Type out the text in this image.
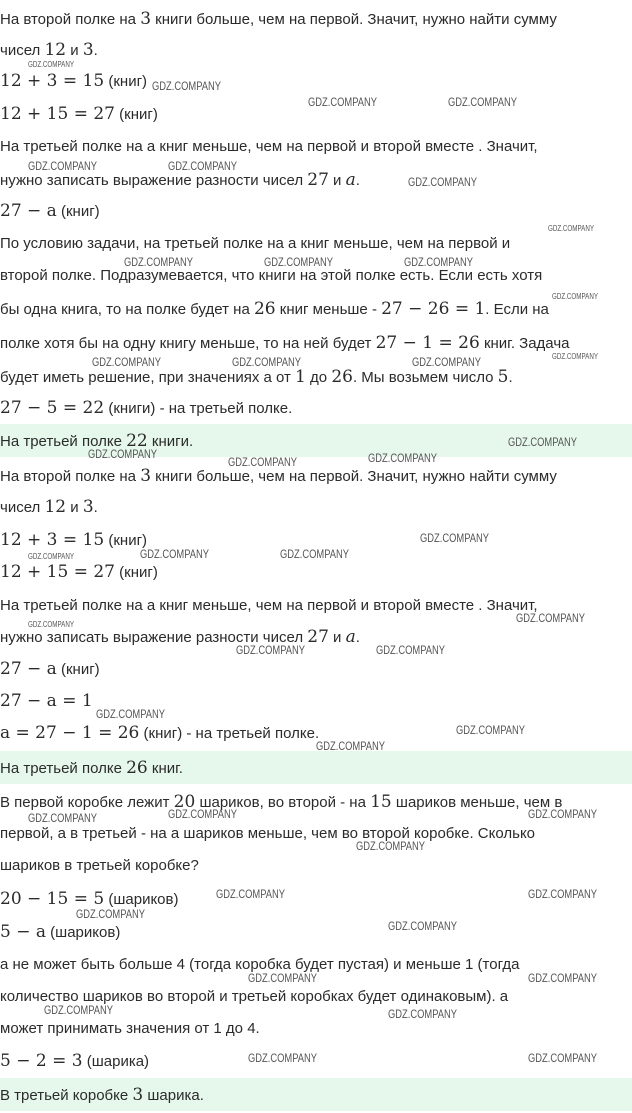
На второй полке на 3 книги больше, чем на первой. Значит, нужно найти сумму
чисел 12 и 3.
12 + 3 = 15 (книг)
12 + 15 = 27 (книг)
На третьей полке на а книг меньше, чем на первой и второй вместе . Значит,
нужно записать выражение разности чисел 27 и a.
27 − a (книг)
По условию задачи, на третьей полке на а книг меньше, чем на первой и
второй полке. Подразумевается, что книги на этой полке есть. Если есть хотя
бы одна книга, то на полке будет на 26 книг меньше - 27 − 26 = 1. Если на
полке хотя бы на одну книгу меньше, то на ней будет 27 − 1 = 26 книг. Задача
будет иметь решение, при значениях а от 1 до 26. Мы возьмем число 5.
27 − 5 = 22 (книги) - на третьей полке.
На третьей полке 22 книги.
На второй полке на 3 книги больше, чем на первой. Значит, нужно найти сумму
чисел 12 и 3.
12 + 3 = 15 (книг)
12 + 15 = 27 (книг)
На третьей полке на а книг меньше, чем на первой и второй вместе . Значит,
нужно записать выражение разности чисел 27 и a.
27 − a (книг)
27 − a = 1
a = 27 − 1 = 26 (книг) - на третьей полке.
На третьей полке 26 книг.
В первой коробке лежит 20 шариков, во второй - на 15 шариков меньше, чем в
первой, а в третьей - на а шариков меньше, чем во второй коробке. Сколько
шариков в третьей коробке?
20 − 15 = 5 (шариков)
5 − a (шариков)
а не может быть больше 4 (тогда коробка будет пустая) и меньше 1 (тогда
количество шариков во второй и третьей коробках будет одинаковым). а
может принимать значения от 1 до 4.
5 − 2 = 3 (шарика)
В третьей коробке 3 шарика.
GDZ.COMPANY
GDZ.COMPANY
GDZ.COMPANY	GDZ.COMPANY
GDZ.COMPANY	GDZ.COMPANY
GDZ.COMPANY
GDZ.COMPANY
GDZ.COMPANY	GDZ.COMPANY	GDZ.COMPANY
GDZ.COMPANY
GDZ.COMPANY	GDZ.COMPANY	GDZ.COMPANY	GDZ.COMPANY
GDZ.COMPANY
GDZ.COMPANY
GDZ.COMPANY	GDZ.COMPANY
GDZ.COMPANY
GDZ.COMPANY	GDZ.COMPANY	GDZ.COMPANY
GDZ.COMPANY
GDZ.COMPANY
GDZ.COMPANY	GDZ.COMPANY
GDZ.COMPANY
GDZ.COMPANY
GDZ.COMPANY
GDZ.COMPANY	GDZ.COMPANY	GDZ.COMPANY
GDZ.COMPANY
GDZ.COMPANY	GDZ.COMPANY
GDZ.COMPANY
GDZ.COMPANY
GDZ.COMPANY	GDZ.COMPANY
GDZ.COMPANY	GDZ.COMPANY
GDZ.COMPANY	GDZ.COMPANY
